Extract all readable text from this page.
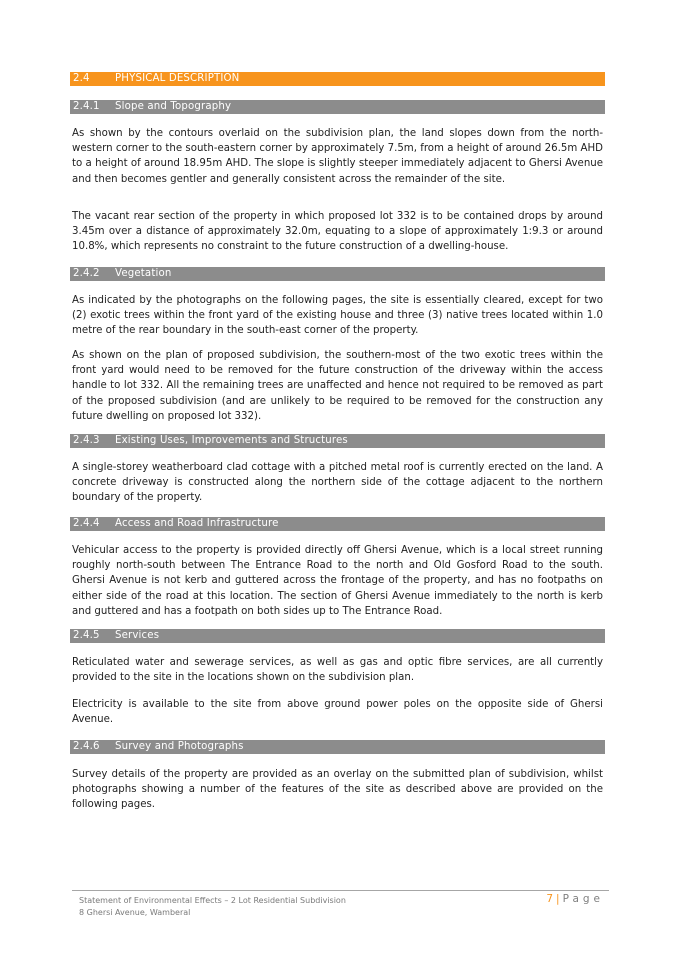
2.4 PHYSICAL DESCRIPTION
2.4.1 Slope and Topography

As shown by the contours overlaid on the subdivision plan, the land slopes down from the north-western corner to the south-eastern corner by approximately 7.5m, from a height of around 26.5m AHD to a height of around 18.95m AHD. The slope is slightly steeper immediately adjacent to Ghersi Avenue and then becomes gentler and generally consistent across the remainder of the site.

The vacant rear section of the property in which proposed lot 332 is to be contained drops by around 3.45m over a distance of approximately 32.0m, equating to a slope of approximately 1:9.3 or around 10.8%, which represents no constraint to the future construction of a dwelling-house.

2.4.2 Vegetation

As indicated by the photographs on the following pages, the site is essentially cleared, except for two (2) exotic trees within the front yard of the existing house and three (3) native trees located within 1.0 metre of the rear boundary in the south-east corner of the property.

As shown on the plan of proposed subdivision, the southern-most of the two exotic trees within the front yard would need to be removed for the future construction of the driveway within the access handle to lot 332. All the remaining trees are unaffected and hence not required to be removed as part of the proposed subdivision (and are unlikely to be required to be removed for the construction any future dwelling on proposed lot 332).

2.4.3 Existing Uses, Improvements and Structures

A single-storey weatherboard clad cottage with a pitched metal roof is currently erected on the land. A concrete driveway is constructed along the northern side of the cottage adjacent to the northern boundary of the property.

2.4.4 Access and Road Infrastructure

Vehicular access to the property is provided directly off Ghersi Avenue, which is a local street running roughly north-south between The Entrance Road to the north and Old Gosford Road to the south. Ghersi Avenue is not kerb and guttered across the frontage of the property, and has no footpaths on either side of the road at this location. The section of Ghersi Avenue immediately to the north is kerb and guttered and has a footpath on both sides up to The Entrance Road.

2.4.5 Services

Reticulated water and sewerage services, as well as gas and optic fibre services, are all currently provided to the site in the locations shown on the subdivision plan.

Electricity is available to the site from above ground power poles on the opposite side of Ghersi Avenue.

2.4.6 Survey and Photographs

Survey details of the property are provided as an overlay on the submitted plan of subdivision, whilst photographs showing a number of the features of the site as described above are provided on the following pages.

Statement of Environmental Effects – 2 Lot Residential Subdivision
8 Ghersi Avenue, Wamberal
7 | Page
